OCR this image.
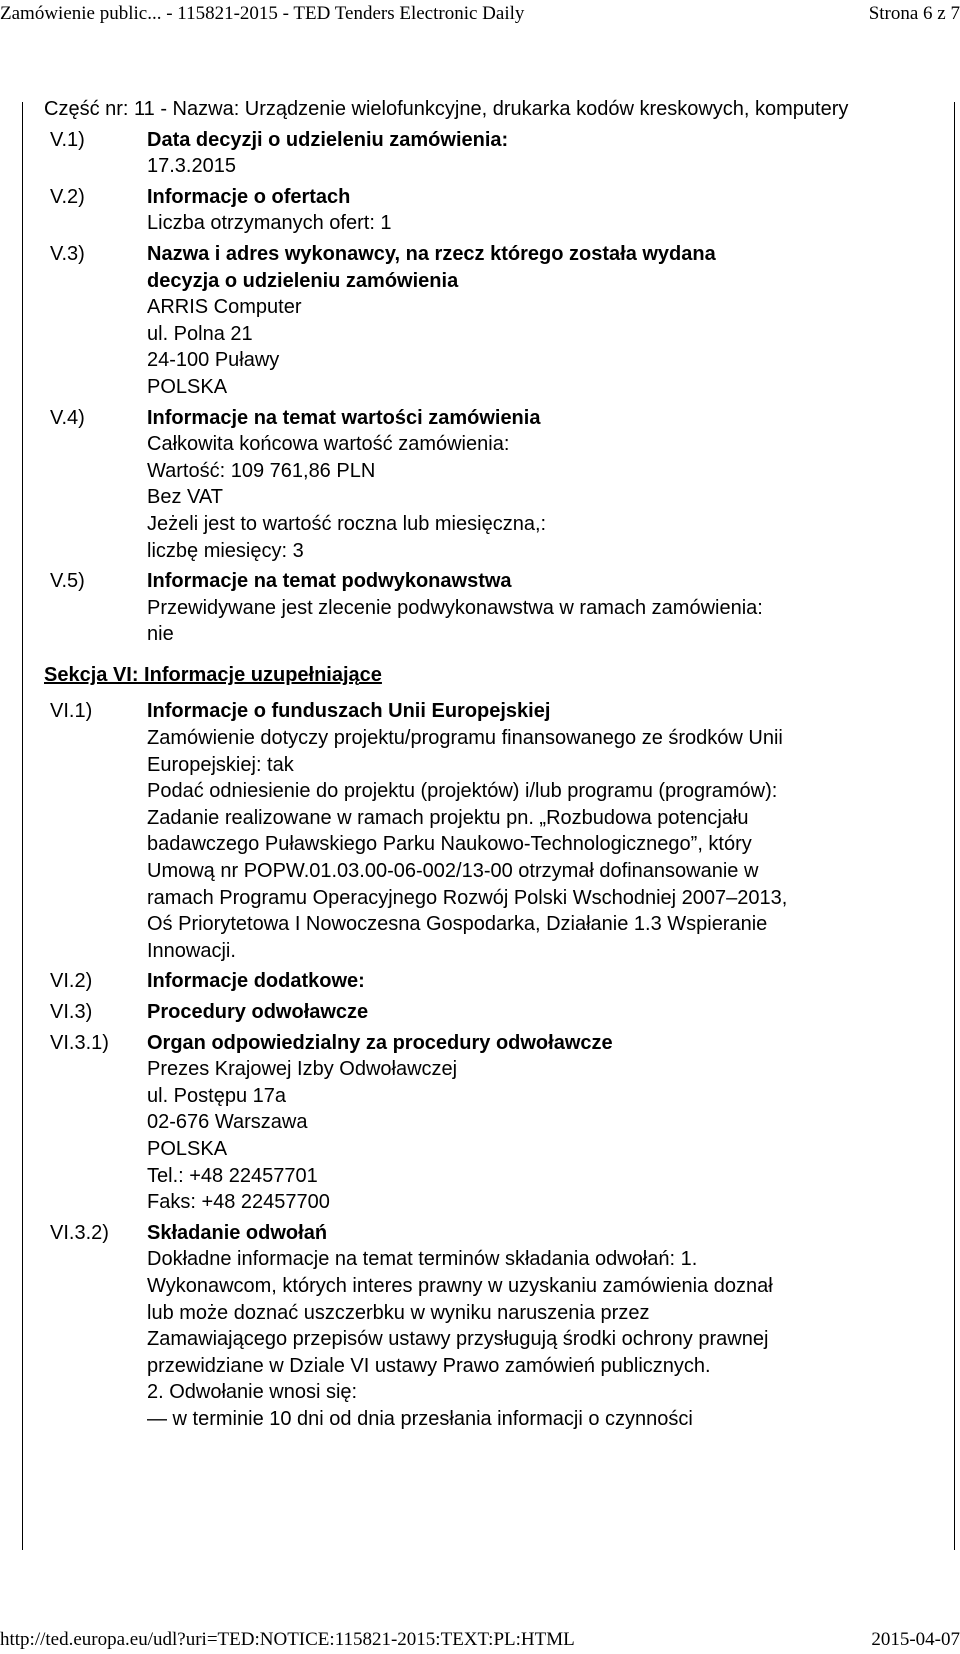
Zamówienie public... - 115821-2015 - TED Tenders Electronic Daily	Strona 6 z 7
Część nr: 11 - Nazwa: Urządzenie wielofunkcyjne, drukarka kodów kreskowych, komputery
V.1)	Data decyzji o udzieleniu zamówienia:
17.3.2015
V.2)	Informacje o ofertach
Liczba otrzymanych ofert: 1
V.3)	Nazwa i adres wykonawcy, na rzecz którego została wydana
decyzja o udzieleniu zamówienia
ARRIS Computer
ul. Polna 21
24-100 Puławy
POLSKA
V.4)	Informacje na temat wartości zamówienia
Całkowita końcowa wartość zamówienia:
Wartość: 109 761,86 PLN
Bez VAT
Jeżeli jest to wartość roczna lub miesięczna,:
liczbę miesięcy: 3
V.5)	Informacje na temat podwykonawstwa
Przewidywane jest zlecenie podwykonawstwa w ramach zamówienia:
nie
Sekcja VI: Informacje uzupełniające
VI.1)	Informacje o funduszach Unii Europejskiej
Zamówienie dotyczy projektu/programu finansowanego ze środków Unii
Europejskiej: tak
Podać odniesienie do projektu (projektów) i/lub programu (programów):
Zadanie realizowane w ramach projektu pn. „Rozbudowa potencjału
badawczego Puławskiego Parku Naukowo-Technologicznego”, który
Umową nr POPW.01.03.00-06-002/13-00 otrzymał dofinansowanie w
ramach Programu Operacyjnego Rozwój Polski Wschodniej 2007–2013,
Oś Priorytetowa I Nowoczesna Gospodarka, Działanie 1.3 Wspieranie
Innowacji.
VI.2)	Informacje dodatkowe:
VI.3)	Procedury odwoławcze
VI.3.1)	Organ odpowiedzialny za procedury odwoławcze
Prezes Krajowej Izby Odwoławczej
ul. Postępu 17a
02-676 Warszawa
POLSKA
Tel.: +48 22457701
Faks: +48 22457700
VI.3.2)	Składanie odwołań
Dokładne informacje na temat terminów składania odwołań: 1.
Wykonawcom, których interes prawny w uzyskaniu zamówienia doznał
lub może doznać uszczerbku w wyniku naruszenia przez
Zamawiającego przepisów ustawy przysługują środki ochrony prawnej
przewidziane w Dziale VI ustawy Prawo zamówień publicznych.
2. Odwołanie wnosi się:
— w terminie 10 dni od dnia przesłania informacji o czynności
http://ted.europa.eu/udl?uri=TED:NOTICE:115821-2015:TEXT:PL:HTML	2015-04-07
